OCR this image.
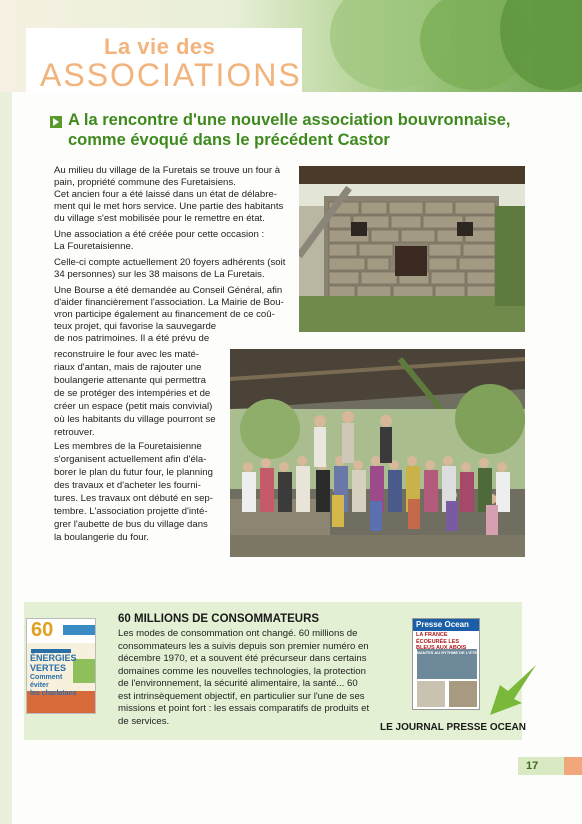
La vie des
ASSOCIATIONS
A la rencontre d'une nouvelle association bouvronnaise,
comme évoqué dans le précédent Castor
Au milieu du village de la Furetais se trouve un four à
pain, propriété commune des Furetaisiens.
Cet ancien four a été laissé dans un état de délabre-
ment qui le met hors service. Une partie des habitants
du village s'est mobilisée pour le remettre en état.
Une association a été créée pour cette occasion :
La Fouretaisienne.
Celle-ci compte actuellement 20 foyers adhérents (soit
34 personnes) sur les 38 maisons de La Furetais.
Une Bourse a été demandée au Conseil Général, afin
d'aider financièrement l'association. La Mairie de Bou-
vron participe également au financement de ce coû-
teux projet, qui favorise la sauvegarde
de nos patrimoines. Il a été prévu de
reconstruire le four avec les maté-
riaux d'antan, mais de rajouter une
boulangerie attenante qui permettra
de se protéger des intempéries et de
créer un espace (petit mais convivial)
où les habitants du village pourront se
retrouver.
Les membres de la Fouretaisienne
s'organisent actuellement afin d'éla-
borer le plan du futur four, le planning
des travaux et d'acheter les fourni-
tures. Les travaux ont débuté en sep-
tembre. L'association projette d'inté-
grer l'aubette de bus du village dans
la boulangerie du four.
60
ÉNERGIES
VERTES
Comment
éviter
les charlatans
60 MILLIONS DE CONSOMMATEURS
Les modes de consommation ont changé. 60 millions de consommateurs les a suivis depuis son premier numéro en décembre 1970, et a souvent été précurseur dans certains domaines comme les nouvelles technologies, la protection de l'environnement, la sécurité alimentaire, la santé... 60 est intrinsèquement objectif, en particulier sur l'une de ses missions et point fort : les essais comparatifs de produits et de services.
Presse Ocean
LA FRANCE ÉCOEURÉE LES BLEUS AUX ABOIS
NANTES AU RYTHME DE L'ÉTÉ
LE JOURNAL PRESSE OCEAN
17
